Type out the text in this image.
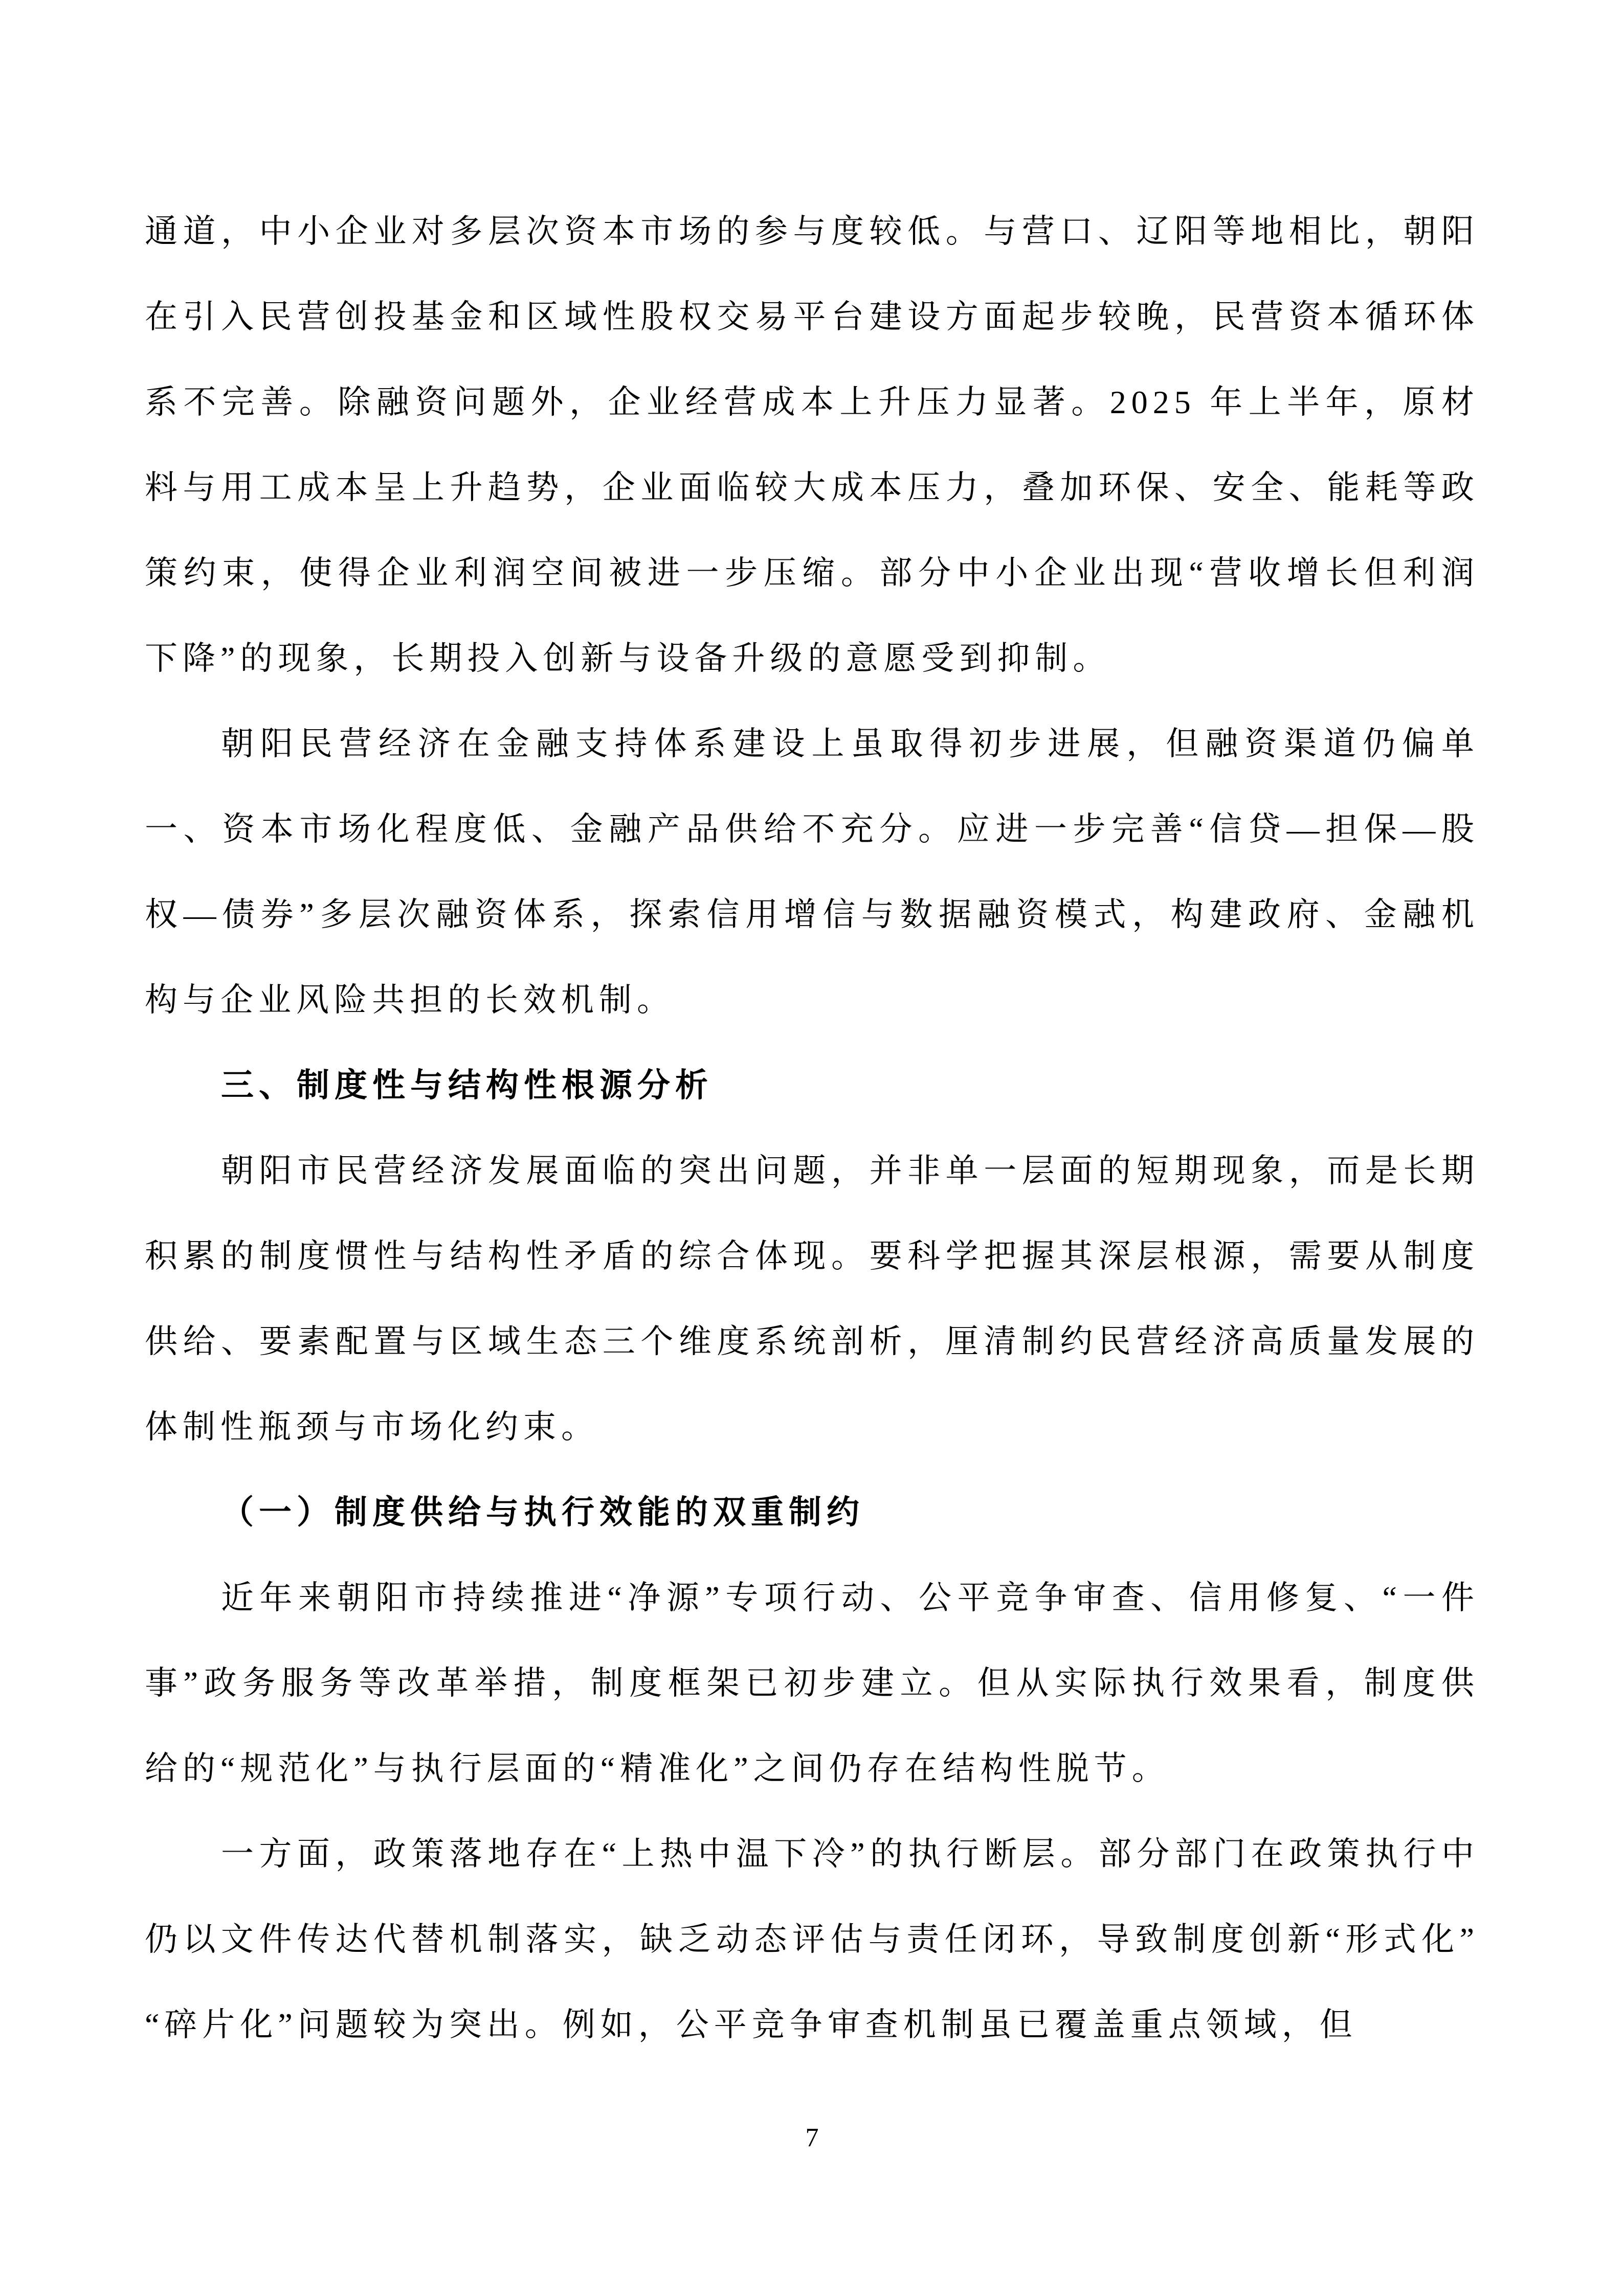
通道，中小企业对多层次资本市场的参与度较低。与营口、辽阳等地相比，朝阳在引入民营创投基金和区域性股权交易平台建设方面起步较晚，民营资本循环体系不完善。除融资问题外，企业经营成本上升压力显著。2025 年上半年，原材料与用工成本呈上升趋势，企业面临较大成本压力，叠加环保、安全、能耗等政策约束，使得企业利润空间被进一步压缩。部分中小企业出现“营收增长但利润下降”的现象，长期投入创新与设备升级的意愿受到抑制。

朝阳民营经济在金融支持体系建设上虽取得初步进展，但融资渠道仍偏单一、资本市场化程度低、金融产品供给不充分。应进一步完善“信贷—担保—股权—债券”多层次融资体系，探索信用增信与数据融资模式，构建政府、金融机构与企业风险共担的长效机制。

三、制度性与结构性根源分析

朝阳市民营经济发展面临的突出问题，并非单一层面的短期现象，而是长期积累的制度惯性与结构性矛盾的综合体现。要科学把握其深层根源，需要从制度供给、要素配置与区域生态三个维度系统剖析，厘清制约民营经济高质量发展的体制性瓶颈与市场化约束。

（一）制度供给与执行效能的双重制约

近年来朝阳市持续推进“净源”专项行动、公平竞争审查、信用修复、“一件事”政务服务等改革举措，制度框架已初步建立。但从实际执行效果看，制度供给的“规范化”与执行层面的“精准化”之间仍存在结构性脱节。

一方面，政策落地存在“上热中温下冷”的执行断层。部分部门在政策执行中仍以文件传达代替机制落实，缺乏动态评估与责任闭环，导致制度创新“形式化”“碎片化”问题较为突出。例如，公平竞争审查机制虽已覆盖重点领域，但

7
